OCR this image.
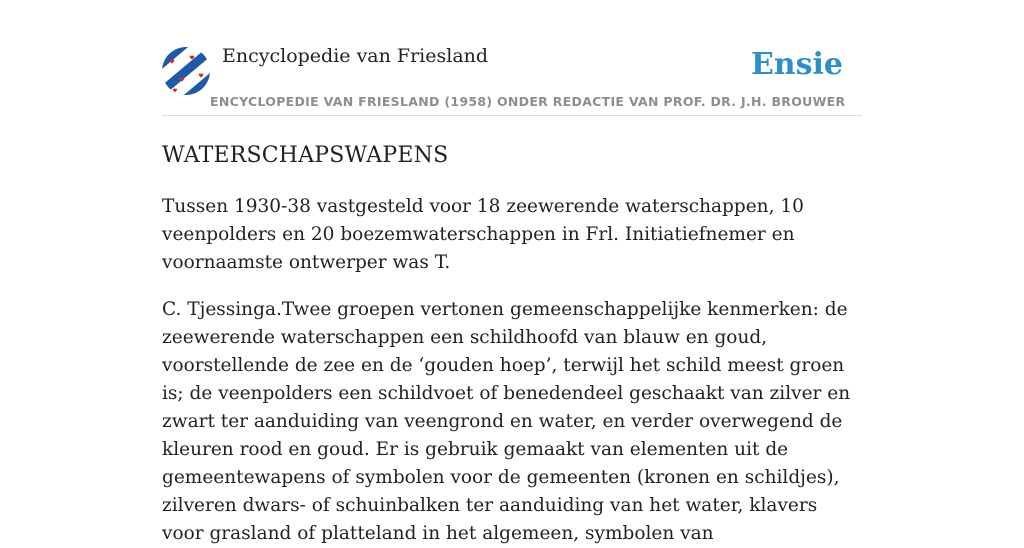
Encyclopedie van Friesland
ENCYCLOPEDIE VAN FRIESLAND (1958) ONDER REDACTIE VAN PROF. DR. J.H. BROUWER
Ensie
WATERSCHAPSWAPENS

Tussen 1930-38 vastgesteld voor 18 zeewerende waterschappen, 10 veenpolders en 20 boezemwaterschappen in Frl. Initiatiefnemer en voornaamste ontwerper was T.

C. Tjessinga.Twee groepen vertonen gemeenschappelijke kenmerken: de zeewerende waterschappen een schildhoofd van blauw en goud, voorstellende de zee en de ‘gouden hoep’, terwijl het schild meest groen is; de veenpolders een schildvoet of benedendeel geschaakt van zilver en zwart ter aanduiding van veengrond en water, en verder overwegend de kleuren rood en goud. Er is gebruik gemaakt van elementen uit de gemeentewapens of symbolen voor de gemeenten (kronen en schildjes), zilveren dwars- of schuinbalken ter aanduiding van het water, klavers voor grasland of platteland in het algemeen, symbolen van
